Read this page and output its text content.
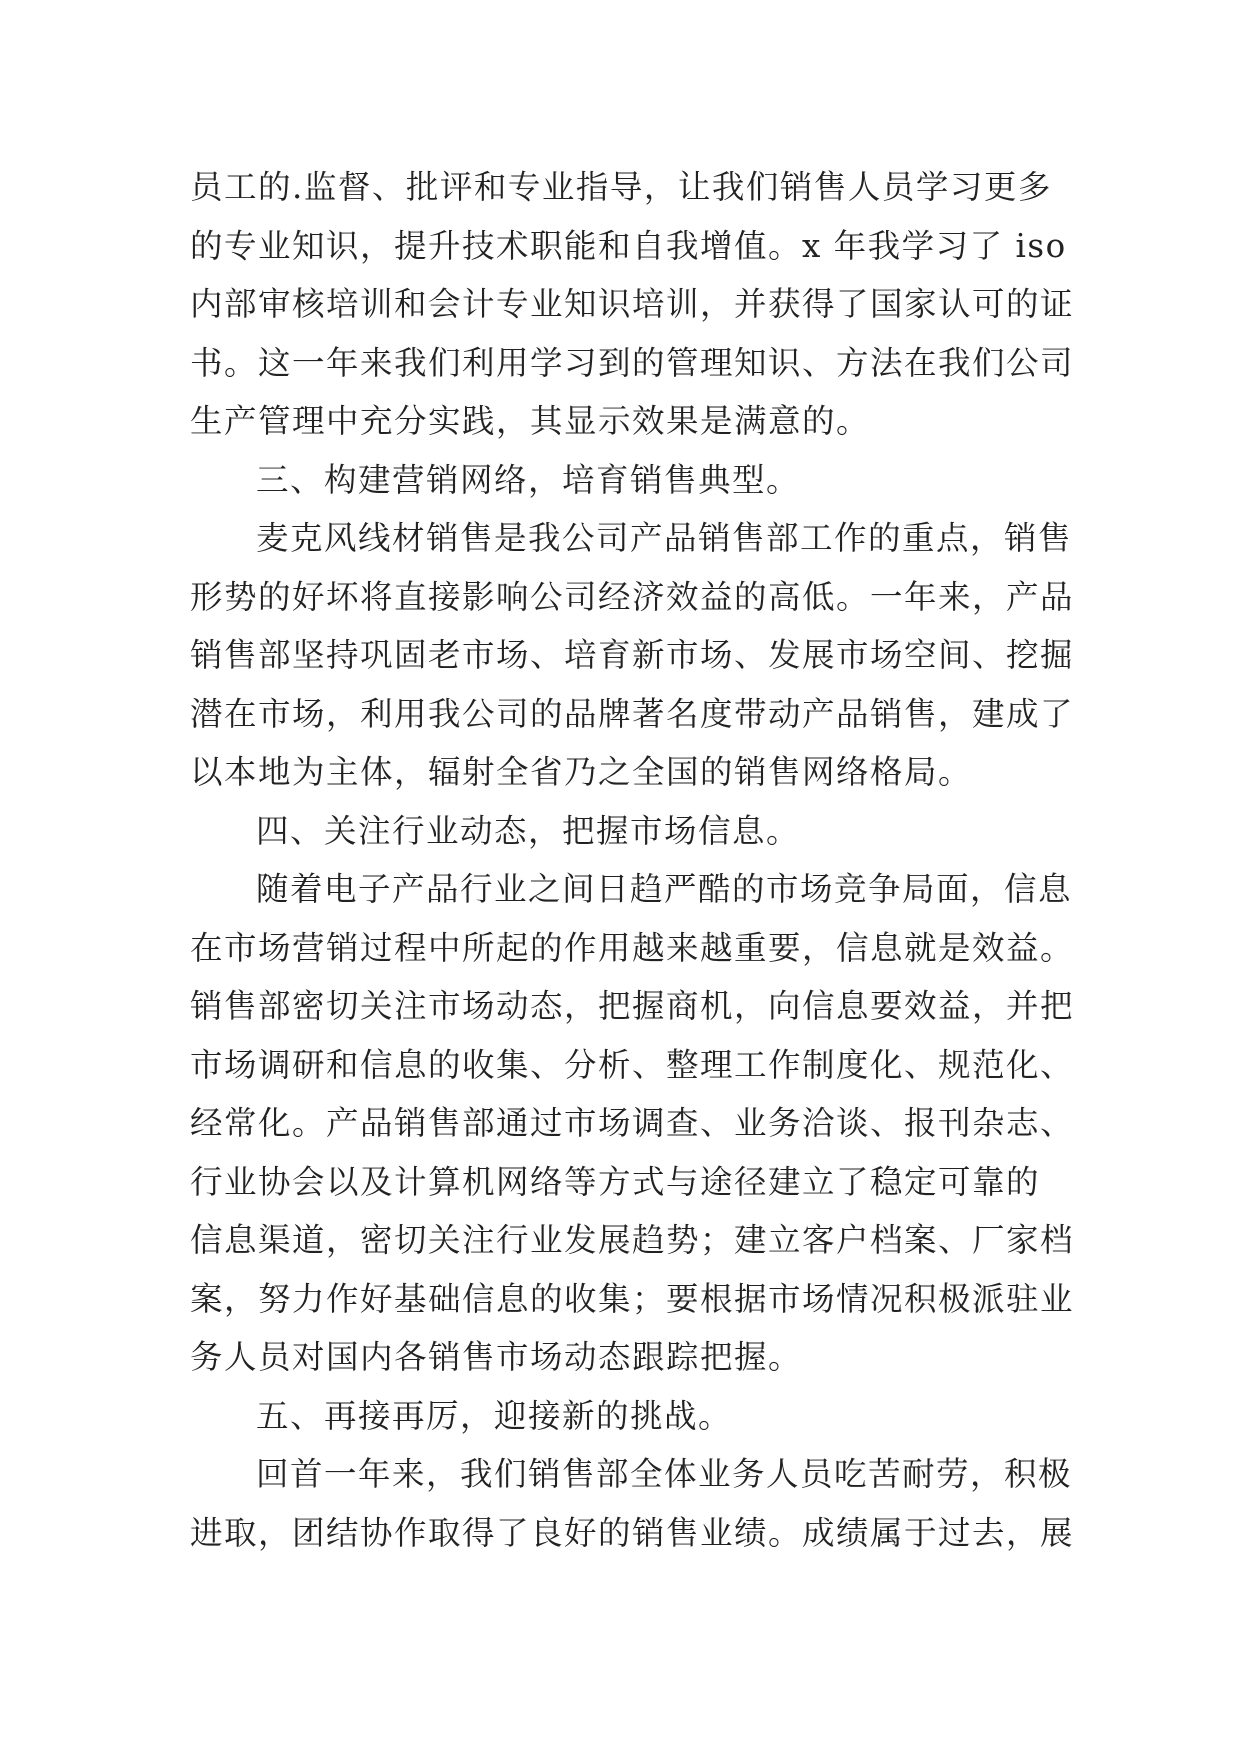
员工的.监督、批评和专业指导，让我们销售人员学习更多
的专业知识，提升技术职能和自我增值。x 年我学习了 iso
内部审核培训和会计专业知识培训，并获得了国家认可的证
书。这一年来我们利用学习到的管理知识、方法在我们公司
生产管理中充分实践，其显示效果是满意的。
三、构建营销网络，培育销售典型。
麦克风线材销售是我公司产品销售部工作的重点，销售
形势的好坏将直接影响公司经济效益的高低。一年来，产品
销售部坚持巩固老市场、培育新市场、发展市场空间、挖掘
潜在市场，利用我公司的品牌著名度带动产品销售，建成了
以本地为主体，辐射全省乃之全国的销售网络格局。
四、关注行业动态，把握市场信息。
随着电子产品行业之间日趋严酷的市场竞争局面，信息
在市场营销过程中所起的作用越来越重要，信息就是效益。
销售部密切关注市场动态，把握商机，向信息要效益，并把
市场调研和信息的收集、分析、整理工作制度化、规范化、
经常化。产品销售部通过市场调查、业务洽谈、报刊杂志、
行业协会以及计算机网络等方式与途径建立了稳定可靠的
信息渠道，密切关注行业发展趋势；建立客户档案、厂家档
案，努力作好基础信息的收集；要根据市场情况积极派驻业
务人员对国内各销售市场动态跟踪把握。
五、再接再厉，迎接新的挑战。
回首一年来，我们销售部全体业务人员吃苦耐劳，积极
进取，团结协作取得了良好的销售业绩。成绩属于过去，展
